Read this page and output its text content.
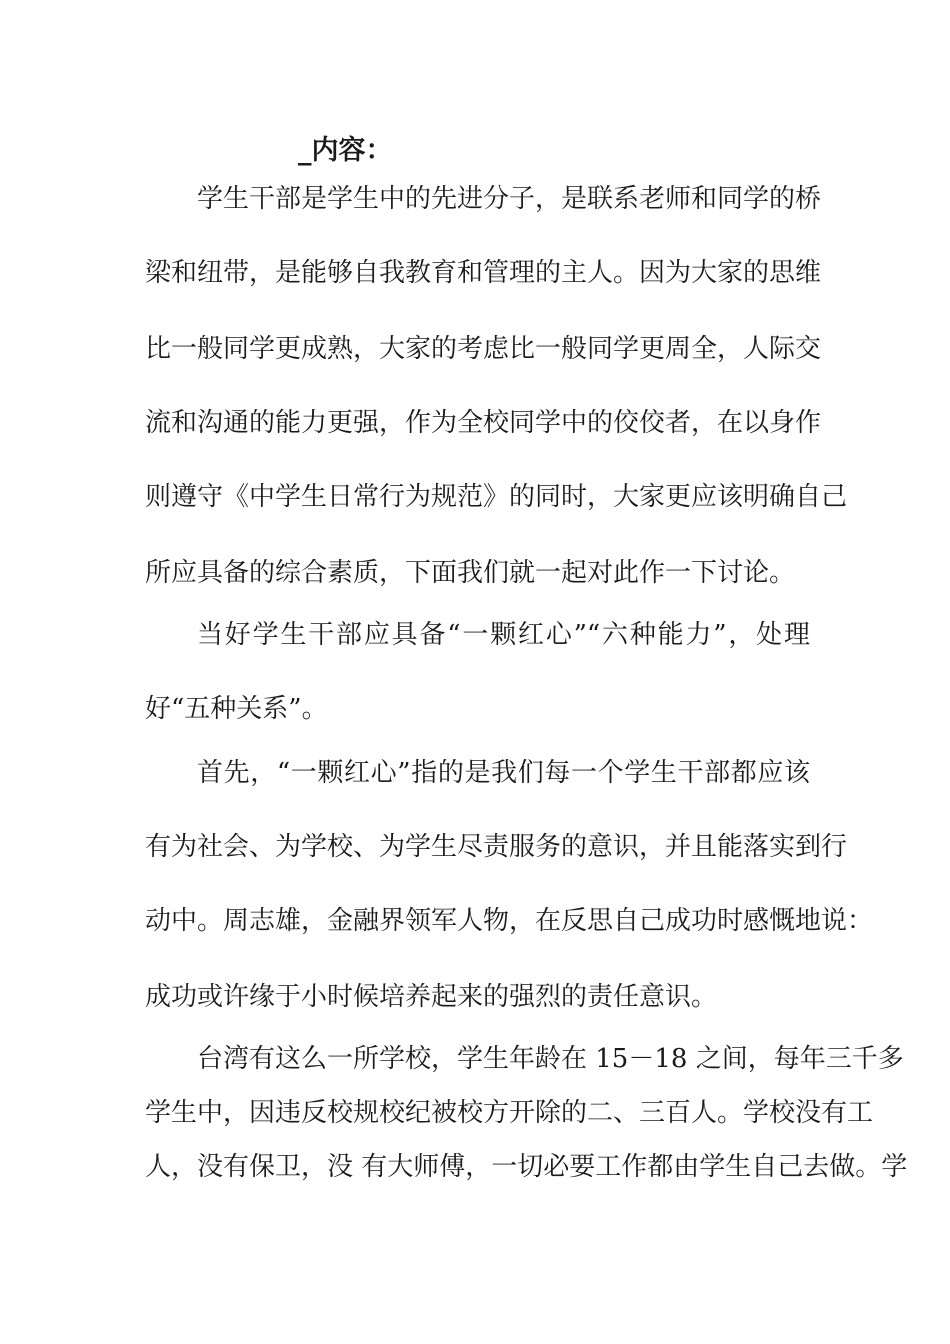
_内容：
学生干部是学生中的先进分子，是联系老师和同学的桥
梁和纽带，是能够自我教育和管理的主人。因为大家的思维
比一般同学更成熟，大家的考虑比一般同学更周全，人际交
流和沟通的能力更强，作为全校同学中的佼佼者，在以身作
则遵守《中学生日常行为规范》的同时，大家更应该明确自己
所应具备的综合素质，下面我们就一起对此作一下讨论。
当好学生干部应具备“一颗红心”“六种能力”，处理
好“五种关系”。
首先，“一颗红心”指的是我们每一个学生干部都应该
有为社会、为学校、为学生尽责服务的意识，并且能落实到行
动中。周志雄，金融界领军人物，在反思自己成功时感慨地说：
成功或许缘于小时候培养起来的强烈的责任意识。
台湾有这么一所学校，学生年龄在 15－18 之间，每年三千多
学生中，因违反校规校纪被校方开除的二、三百人。学校没有工
人，没有保卫，没 有大师傅，一切必要工作都由学生自己去做。学
